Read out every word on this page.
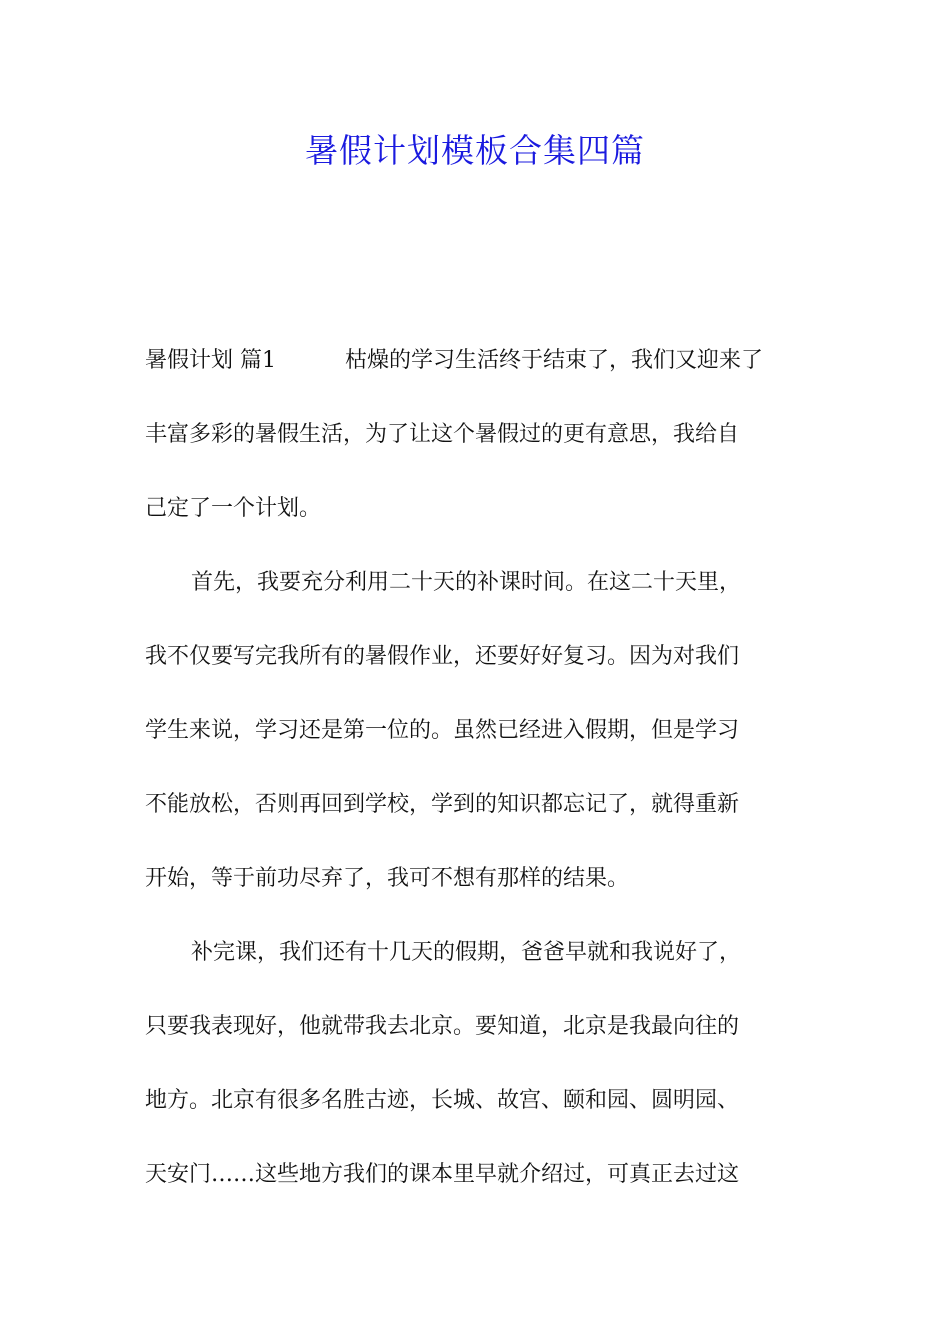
暑假计划模板合集四篇
暑假计划 篇1	枯燥的学习生活终于结束了，我们又迎来了
丰富多彩的暑假生活，为了让这个暑假过的更有意思，我给自
己定了一个计划。
首先，我要充分利用二十天的补课时间。在这二十天里，
我不仅要写完我所有的暑假作业，还要好好复习。因为对我们
学生来说，学习还是第一位的。虽然已经进入假期，但是学习
不能放松，否则再回到学校，学到的知识都忘记了，就得重新
开始，等于前功尽弃了，我可不想有那样的结果。
补完课，我们还有十几天的假期，爸爸早就和我说好了，
只要我表现好，他就带我去北京。要知道，北京是我最向往的
地方。北京有很多名胜古迹，长城、故宫、颐和园、圆明园、
天安门……这些地方我们的课本里早就介绍过，可真正去过这
